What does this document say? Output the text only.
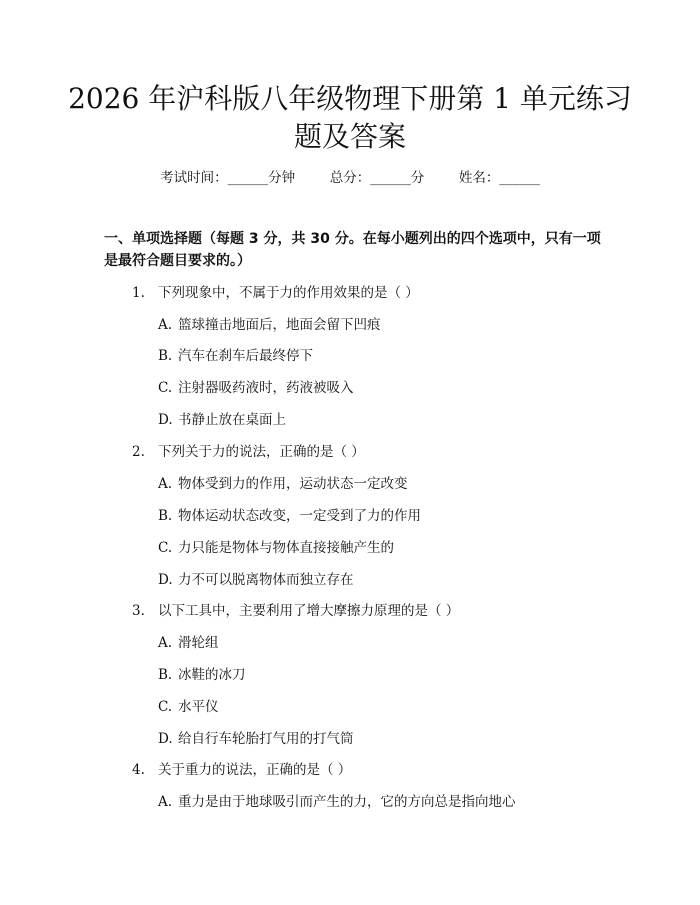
2026 年沪科版八年级物理下册第 1 单元练习题及答案
考试时间：______分钟	总分：______分	姓名：______
一、单项选择题（每题 3 分，共 30 分。在每小题列出的四个选项中，只有一项是最符合题目要求的。）
1. 下列现象中，不属于力的作用效果的是（ ）
A. 篮球撞击地面后，地面会留下凹痕
B. 汽车在刹车后最终停下
C. 注射器吸药液时，药液被吸入
D. 书静止放在桌面上
2. 下列关于力的说法，正确的是（ ）
A. 物体受到力的作用，运动状态一定改变
B. 物体运动状态改变，一定受到了力的作用
C. 力只能是物体与物体直接接触产生的
D. 力不可以脱离物体而独立存在
3. 以下工具中，主要利用了增大摩擦力原理的是（ ）
A. 滑轮组
B. 冰鞋的冰刀
C. 水平仪
D. 给自行车轮胎打气用的打气筒
4. 关于重力的说法，正确的是（ ）
A. 重力是由于地球吸引而产生的力，它的方向总是指向地心
